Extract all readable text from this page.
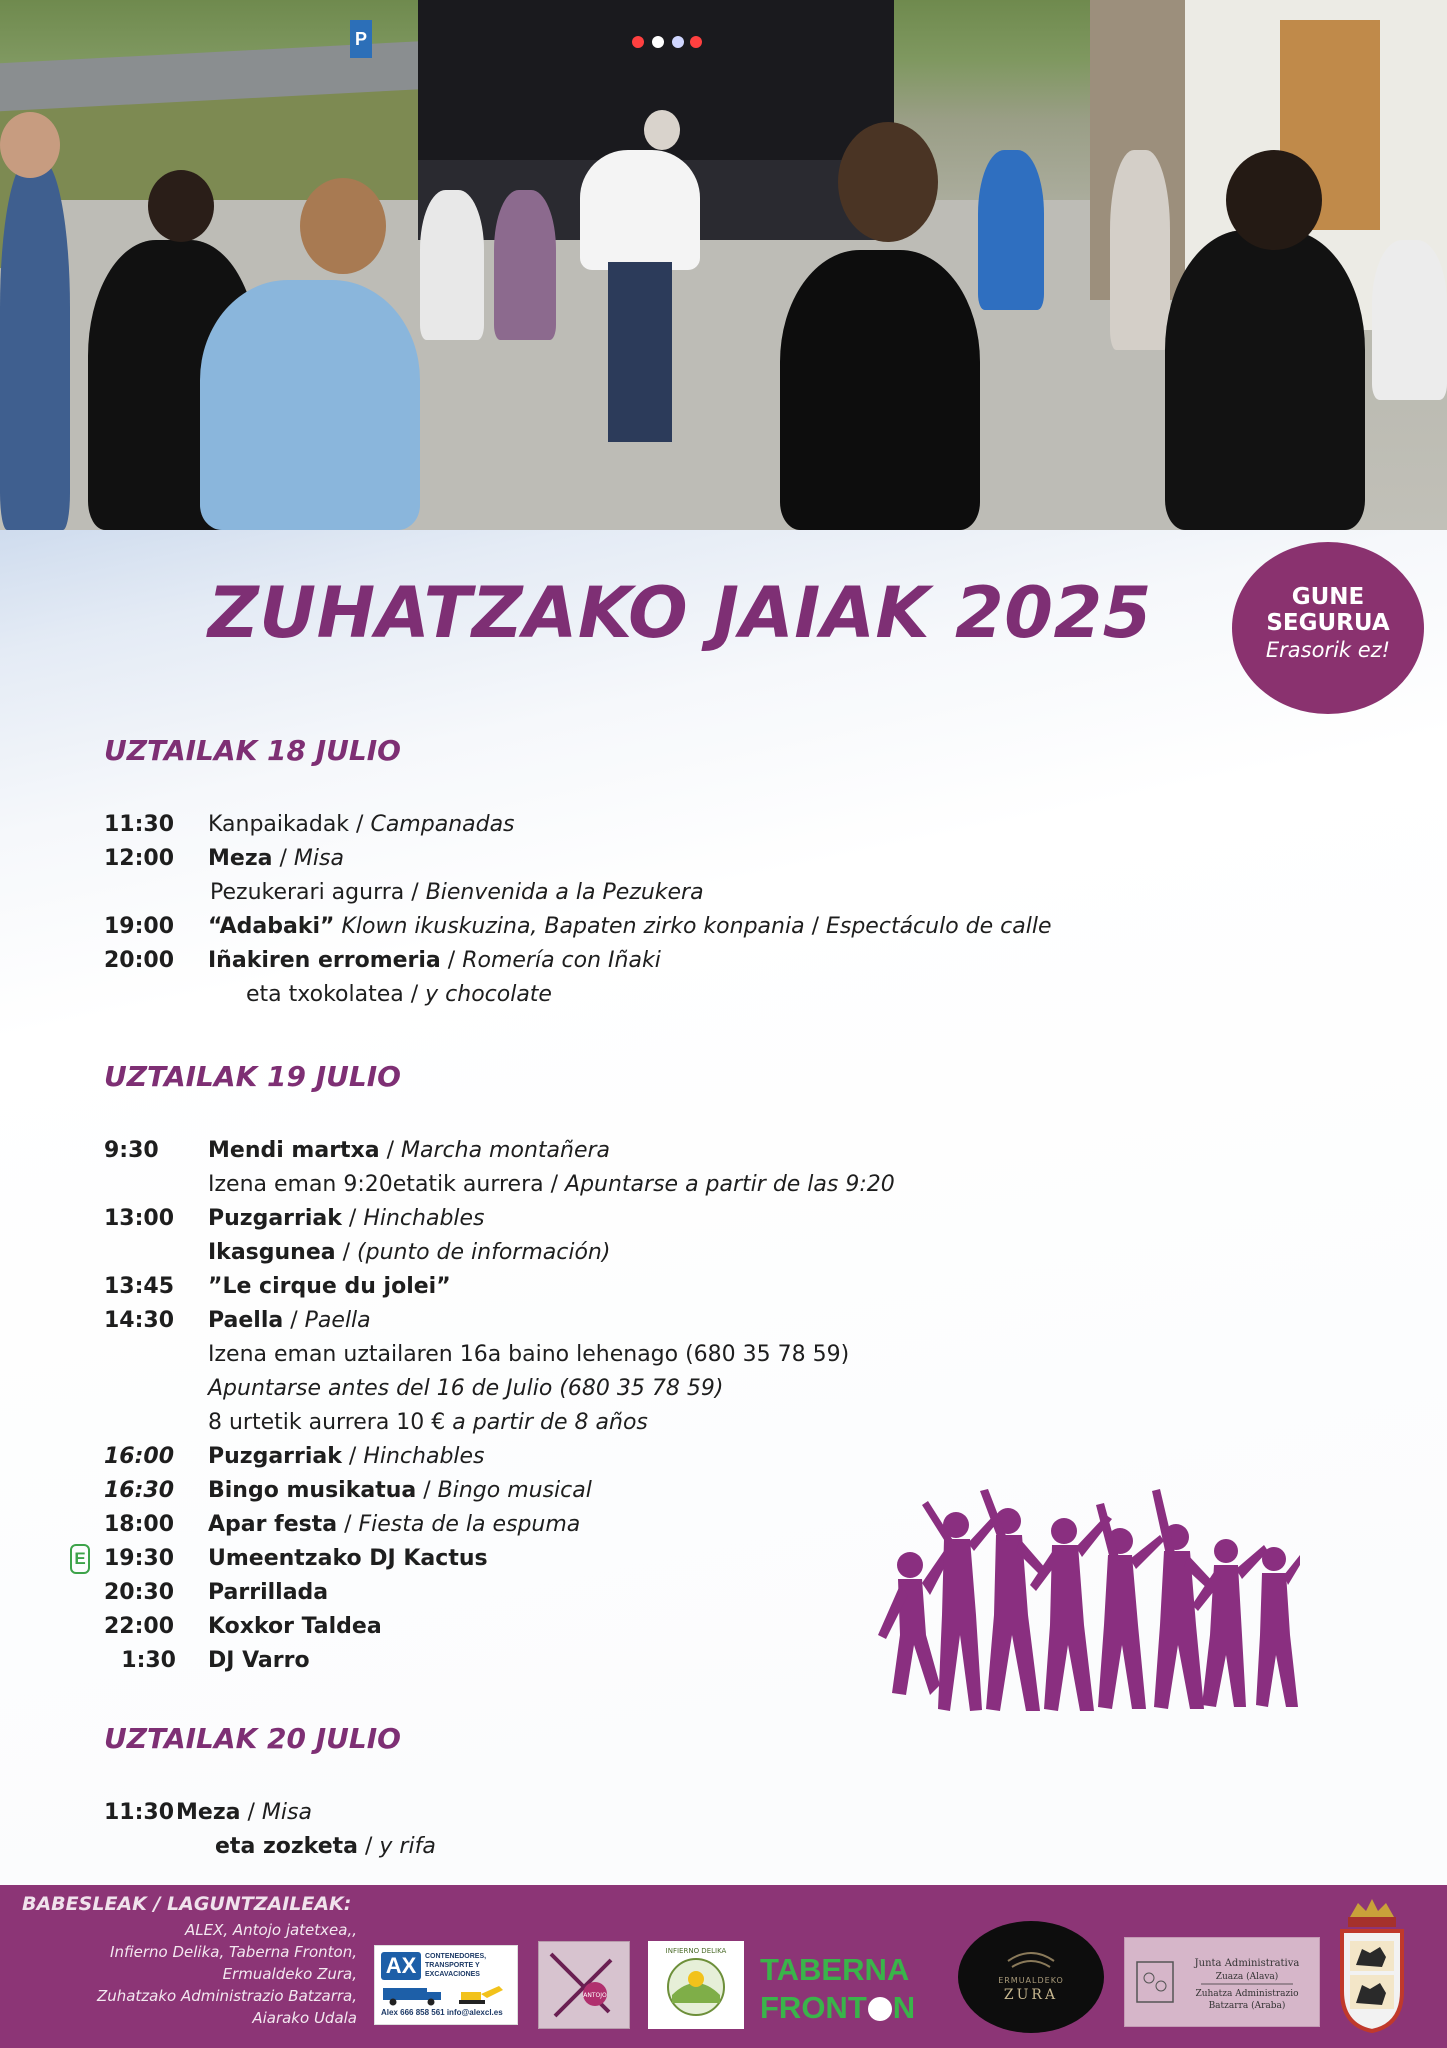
P
ZUHATZAKO JAIAK 2025	GUNE
SEGURUA
Erasorik ez!
UZTAILAK 18 JULIO
11:30 Kanpaikadak / Campanadas
12:00 Meza / Misa
Pezukerari agurra / Bienvenida a la Pezukera
19:00 “Adabaki” Klown ikuskuzina, Bapaten zirko konpania / Espectáculo de calle
20:00 Iñakiren erromeria / Romería con Iñaki
eta txokolatea / y chocolate
UZTAILAK 19 JULIO
9:30 Mendi martxa / Marcha montañera
Izena eman 9:20etatik aurrera / Apuntarse a partir de las 9:20
13:00 Puzgarriak / Hinchables
Ikasgunea / (punto de información)
13:45 ”Le cirque du jolei”
14:30 Paella / Paella
Izena eman uztailaren 16a baino lehenago (680 35 78 59)
Apuntarse antes del 16 de Julio (680 35 78 59)
8 urtetik aurrera 10 € a partir de 8 años
16:00 Puzgarriak / Hinchables
16:30 Bingo musikatua / Bingo musical
18:00 Apar festa / Fiesta de la espuma
E 19:30 Umeentzako DJ Kactus
20:30 Parrillada
22:00 Koxkor Taldea
1:30 DJ Varro
UZTAILAK 20 JULIO
11:30 Meza / Misa
eta zozketa / y rifa
BABESLEAK / LAGUNTZAILEAK:
ALEX, Antojo jatetxea,,
Infierno Delika, Taberna Fronton,
Ermualdeko Zura,
Zuhatzako Administrazio Batzarra,
Aiarako Udala
AX	CONTENEDORES, TRANSPORTE Y EXCAVACIONES
Alex 666 858 561 info@alexcl.es
ANTOJO
INFIERNO DELIKA
TABERNA
FRONT N
ERMUALDEKO
ZURA
Junta Administrativa
Zuaza (Alava)
Zuhatza Administrazio
Batzarra (Araba)
